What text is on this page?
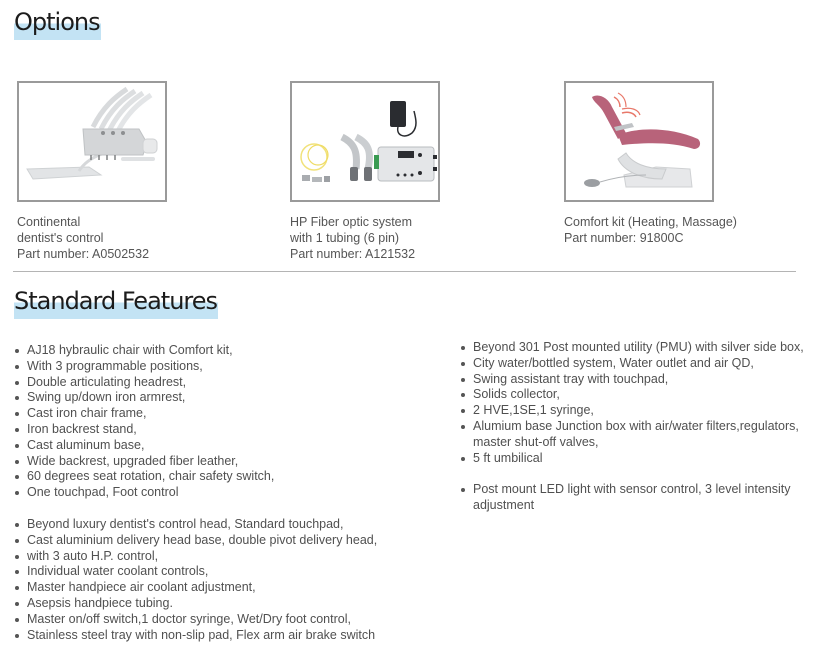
Options
Continental
dentist's control
Part number: A0502532
HP Fiber optic system
with 1 tubing (6 pin)
Part number: A121532
Comfort kit (Heating, Massage)
Part number: 91800C
Standard Features
AJ18 hybraulic chair with Comfort kit,
With 3 programmable positions,
Double articulating headrest,
Swing up/down iron armrest,
Cast iron chair frame,
Iron backrest stand,
Cast aluminum base,
Wide backrest, upgraded fiber leather,
60 degrees seat rotation, chair safety switch,
One touchpad, Foot control
Beyond luxury dentist's control head, Standard touchpad,
Cast aluminium delivery head base, double pivot delivery head,
with 3 auto H.P. control,
Individual water coolant controls,
Master handpiece air coolant adjustment,
Asepsis handpiece tubing.
Master on/off switch,1 doctor syringe, Wet/Dry foot control,
Stainless steel tray with non-slip pad, Flex arm air brake switch
Beyond 301 Post mounted utility (PMU) with silver side box,
City water/bottled system, Water outlet and air QD,
Swing assistant tray with touchpad,
Solids collector,
2 HVE,1SE,1 syringe,
Alumium base Junction box with air/water filters,regulators, master shut-off valves,
5 ft umbilical
Post mount LED light with sensor control, 3 level intensity adjustment
